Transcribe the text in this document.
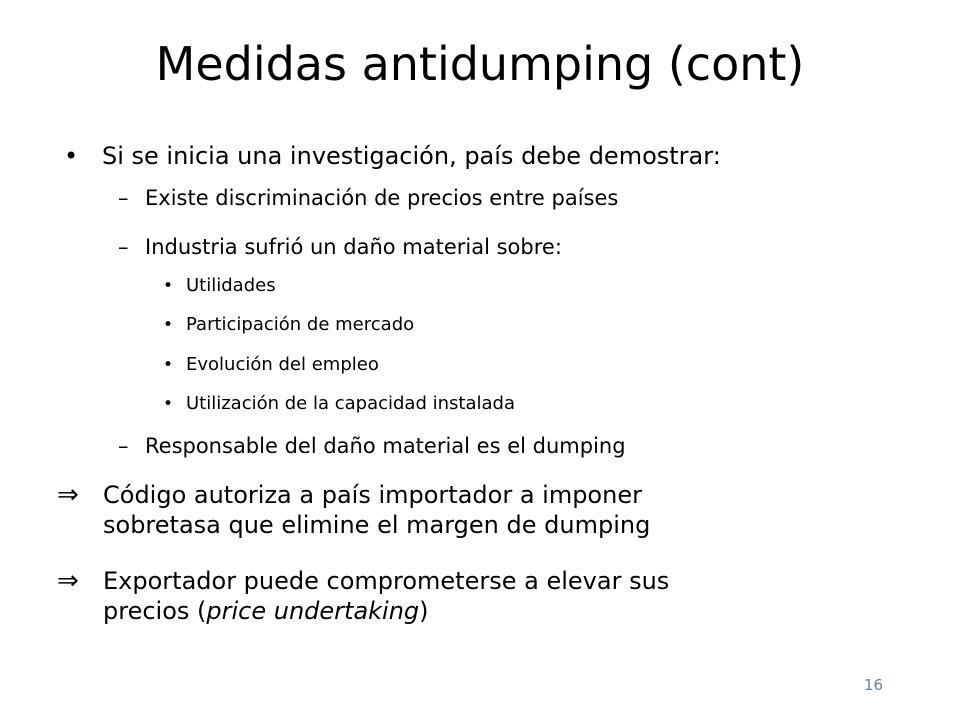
Medidas antidumping (cont)
• Si se inicia una investigación, país debe demostrar:
– Existe discriminación de precios entre países
– Industria sufrió un daño material sobre:
• Utilidades
• Participación de mercado
• Evolución del empleo
• Utilización de la capacidad instalada
– Responsable del daño material es el dumping
⇒ Código autoriza a país importador a imponer
sobretasa que elimine el margen de dumping
⇒ Exportador puede comprometerse a elevar sus
precios (price undertaking)
16
